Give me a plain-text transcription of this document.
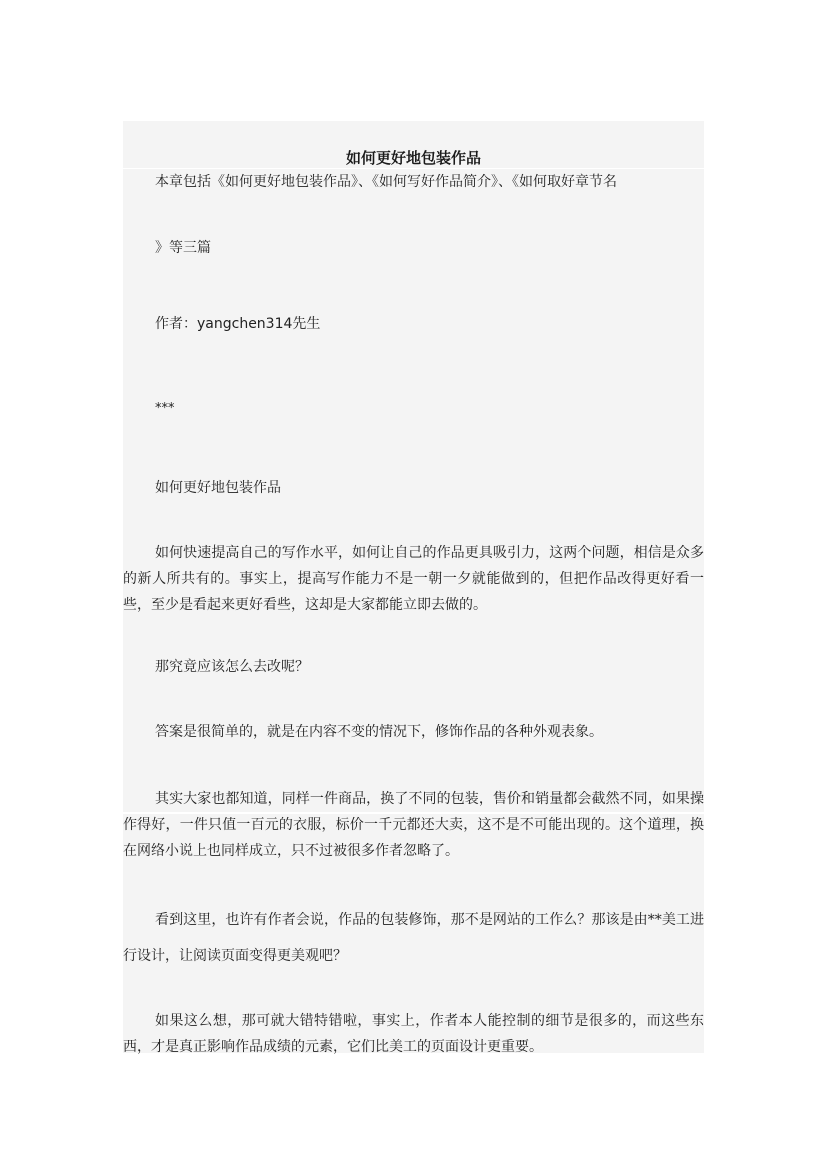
如何更好地包装作品
本章包括《如何更好地包装作品》、《如何写好作品简介》、《如何取好章节名
》等三篇
作者：yangchen314先生
***
如何更好地包装作品
如何快速提高自己的写作水平，如何让自己的作品更具吸引力，这两个问题，相信是众多的新人所共有的。事实上，提高写作能力不是一朝一夕就能做到的，但把作品改得更好看一些，至少是看起来更好看些，这却是大家都能立即去做的。
那究竟应该怎么去改呢？
答案是很简单的，就是在内容不变的情况下，修饰作品的各种外观表象。
其实大家也都知道，同样一件商品，换了不同的包装，售价和销量都会截然不同，如果操作得好，一件只值一百元的衣服，标价一千元都还大卖，这不是不可能出现的。这个道理，换在网络小说上也同样成立，只不过被很多作者忽略了。
看到这里，也许有作者会说，作品的包装修饰，那不是网站的工作么？那该是由**美工进行设计，让阅读页面变得更美观吧？
如果这么想，那可就大错特错啦，事实上，作者本人能控制的细节是很多的，而这些东西，才是真正影响作品成绩的元素，它们比美工的页面设计更重要。
